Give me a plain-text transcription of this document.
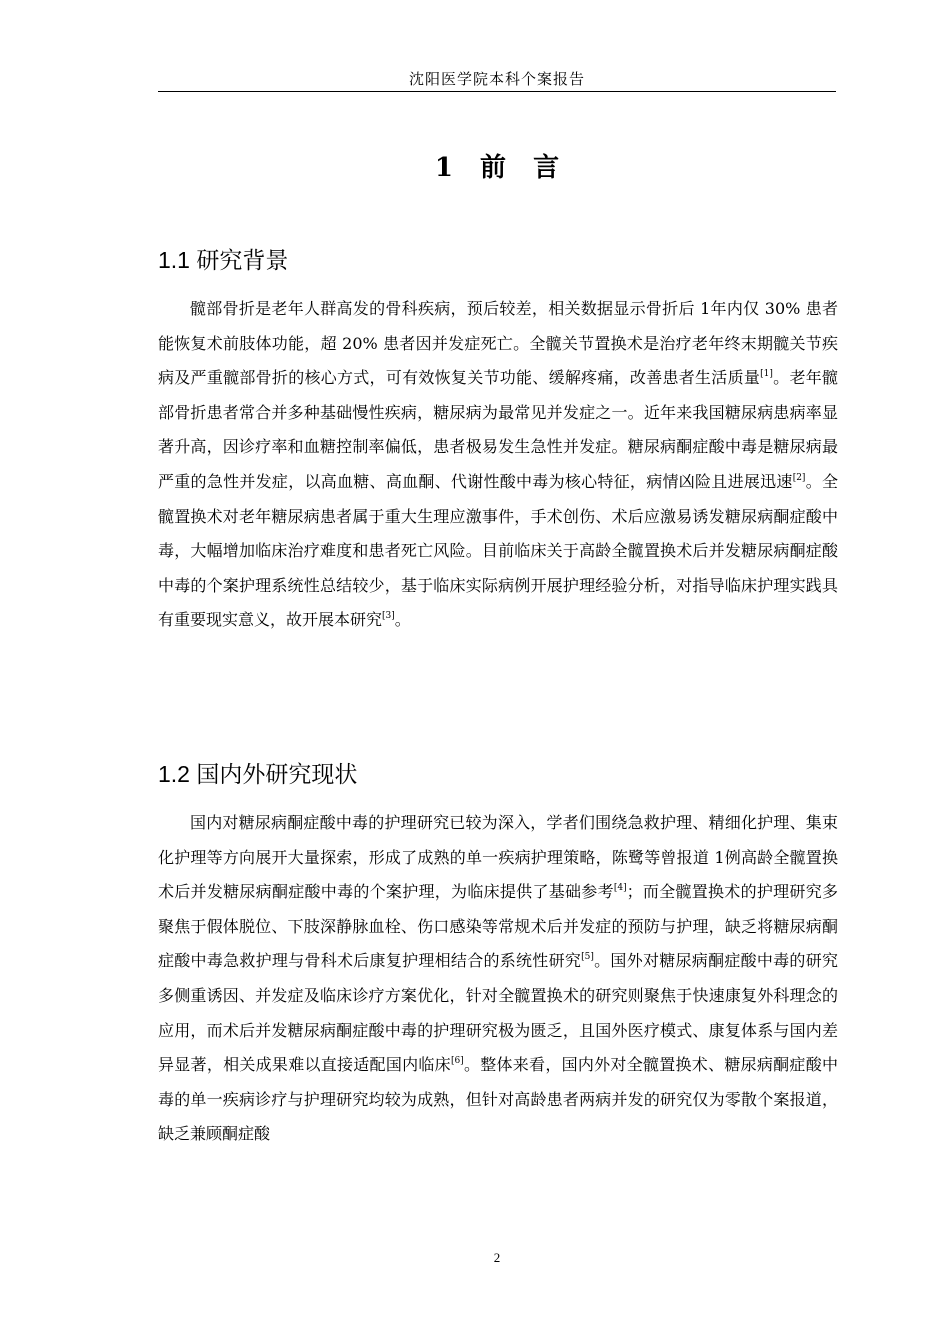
沈阳医学院本科个案报告
1 前 言
1.1 研究背景

髋部骨折是老年人群高发的骨科疾病，预后较差，相关数据显示骨折后 1年内仅 30% 患者能恢复术前肢体功能，超 20% 患者因并发症死亡。全髋关节置换术是治疗老年终末期髋关节疾病及严重髋部骨折的核心方式，可有效恢复关节功能、缓解疼痛，改善患者生活质量[1]。老年髋部骨折患者常合并多种基础慢性疾病，糖尿病为最常见并发症之一。近年来我国糖尿病患病率显著升高，因诊疗率和血糖控制率偏低，患者极易发生急性并发症。糖尿病酮症酸中毒是糖尿病最严重的急性并发症，以高血糖、高血酮、代谢性酸中毒为核心特征，病情凶险且进展迅速[2]。全髋置换术对老年糖尿病患者属于重大生理应激事件，手术创伤、术后应激易诱发糖尿病酮症酸中毒，大幅增加临床治疗难度和患者死亡风险。目前临床关于高龄全髋置换术后并发糖尿病酮症酸中毒的个案护理系统性总结较少，基于临床实际病例开展护理经验分析，对指导临床护理实践具有重要现实意义，故开展本研究[3]。

1.2 国内外研究现状

国内对糖尿病酮症酸中毒的护理研究已较为深入，学者们围绕急救护理、精细化护理、集束化护理等方向展开大量探索，形成了成熟的单一疾病护理策略，陈鹭等曾报道 1例高龄全髋置换术后并发糖尿病酮症酸中毒的个案护理，为临床提供了基础参考[4]；而全髋置换术的护理研究多聚焦于假体脱位、下肢深静脉血栓、伤口感染等常规术后并发症的预防与护理，缺乏将糖尿病酮症酸中毒急救护理与骨科术后康复护理相结合的系统性研究[5]。国外对糖尿病酮症酸中毒的研究多侧重诱因、并发症及临床诊疗方案优化，针对全髋置换术的研究则聚焦于快速康复外科理念的应用，而术后并发糖尿病酮症酸中毒的护理研究极为匮乏，且国外医疗模式、康复体系与国内差异显著，相关成果难以直接适配国内临床[6]。整体来看，国内外对全髋置换术、糖尿病酮症酸中毒的单一疾病诊疗与护理研究均较为成熟，但针对高龄患者两病并发的研究仅为零散个案报道，缺乏兼顾酮症酸

2
